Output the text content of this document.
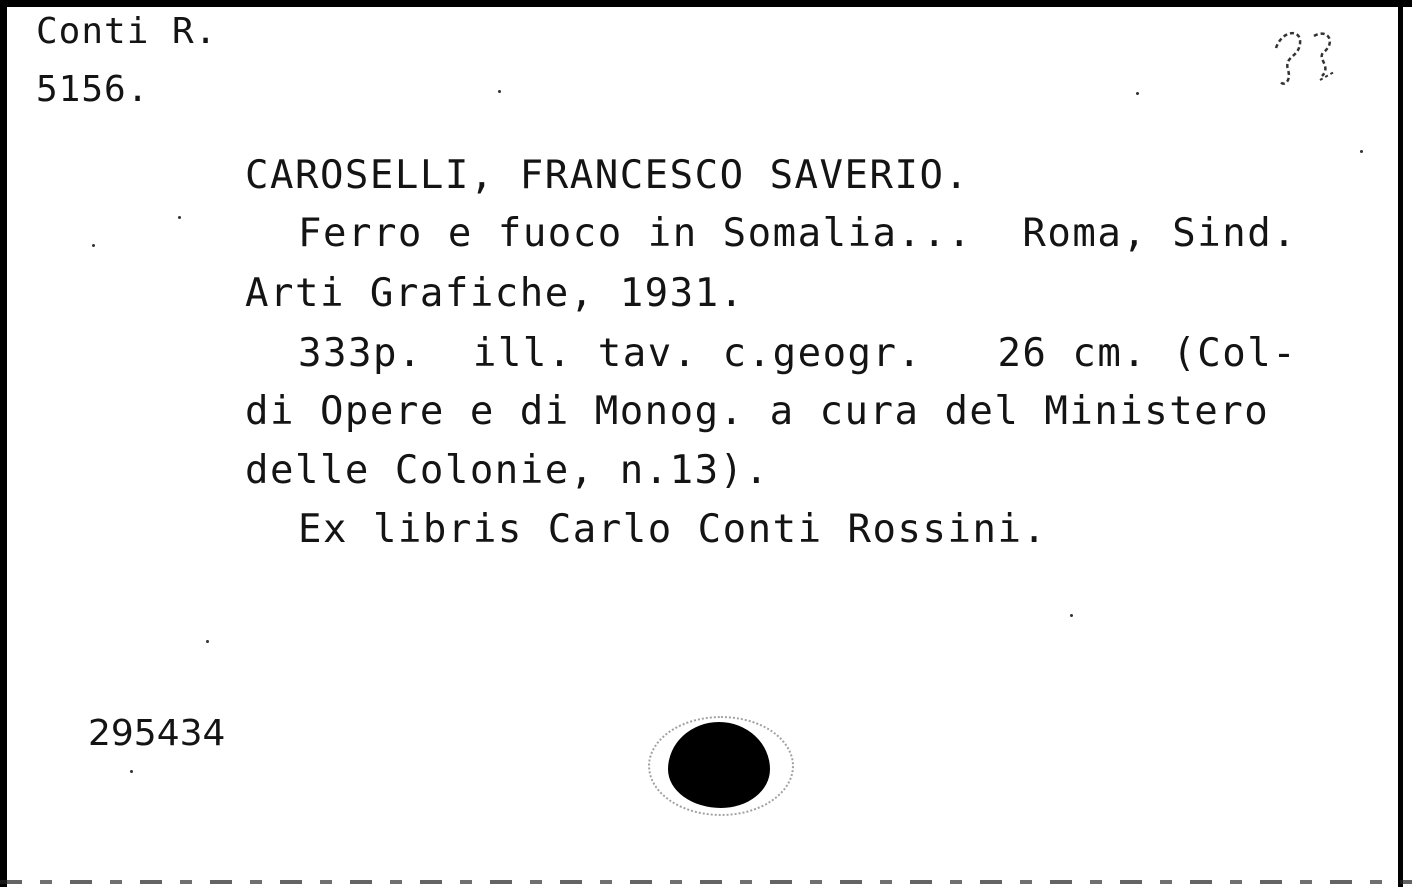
Conti R.

5156.

CAROSELLI, FRANCESCO SAVERIO.

Ferro e fuoco in Somalia...  Roma, Sind.

Arti Grafiche, 1931.

333p.  ill. tav. c.geogr.   26 cm. (Col-

di Opere e di Monog. a cura del Ministero

delle Colonie, n.13).

Ex libris Carlo Conti Rossini.

295434
